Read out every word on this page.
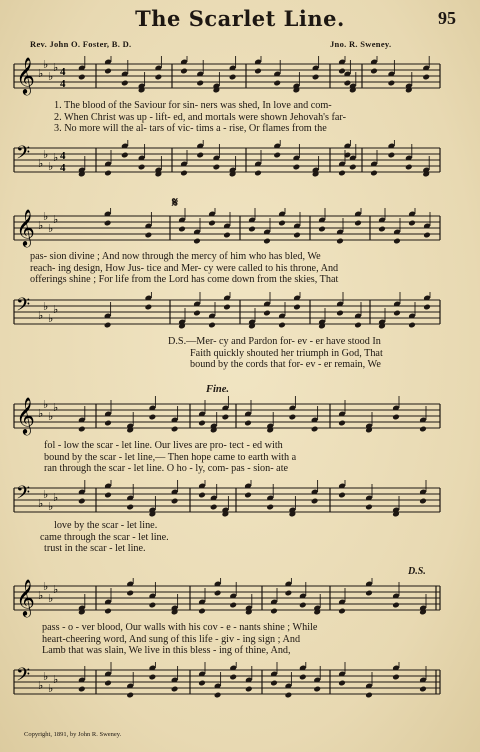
The Scarlet Line.	95
Rev. John O. Foster, B. D.	Jno. R. Sweney.
𝄞 ♭
♭
♭
♭ 4
4
1. The blood of the Saviour for sin- ners was shed, In love and com-
2. When Christ was up - lift- ed, and mortals were shown Jehovah's far-
3. No more will the al- tars of vic- tims a - rise, Or flames from the
𝄢 ♭
♭
♭
♭ 4
4
𝄞 ♭
♭
♭
♭
𝄋
pas- sion divine ; And now through the mercy of him who has bled, We
reach- ing design, How Jus- tice and Mer- cy were called to his throne, And
offerings shine ; For life from the Lord has come down from the skies, That
𝄢 ♭
♭
♭
♭
D.S.—Mer- cy and Pardon for- ev - er have stood In
Faith quickly shouted her triumph in God, That
bound by the cords that for- ev - er remain, We
Fine.
𝄞 ♭
♭
♭
♭
fol - low the scar - let line. Our lives are pro- tect - ed with
bound by the scar - let line,— Then hope came to earth with a
ran through the scar - let line. O ho - ly, com- pas - sion- ate
𝄢 ♭
♭
♭
♭
love by the scar - let line.
came through the scar - let line.
trust in the scar - let line.
D.S.
𝄞 ♭
♭
♭
♭
pass - o - ver blood, Our walls with his cov - e - nants shine ; While
heart-cheering word, And sung of this life - giv - ing sign ; And
Lamb that was slain, We live in this bless - ing of thine, And,
𝄢 ♭
♭
♭
♭
Copyright, 1891, by John R. Sweney.
